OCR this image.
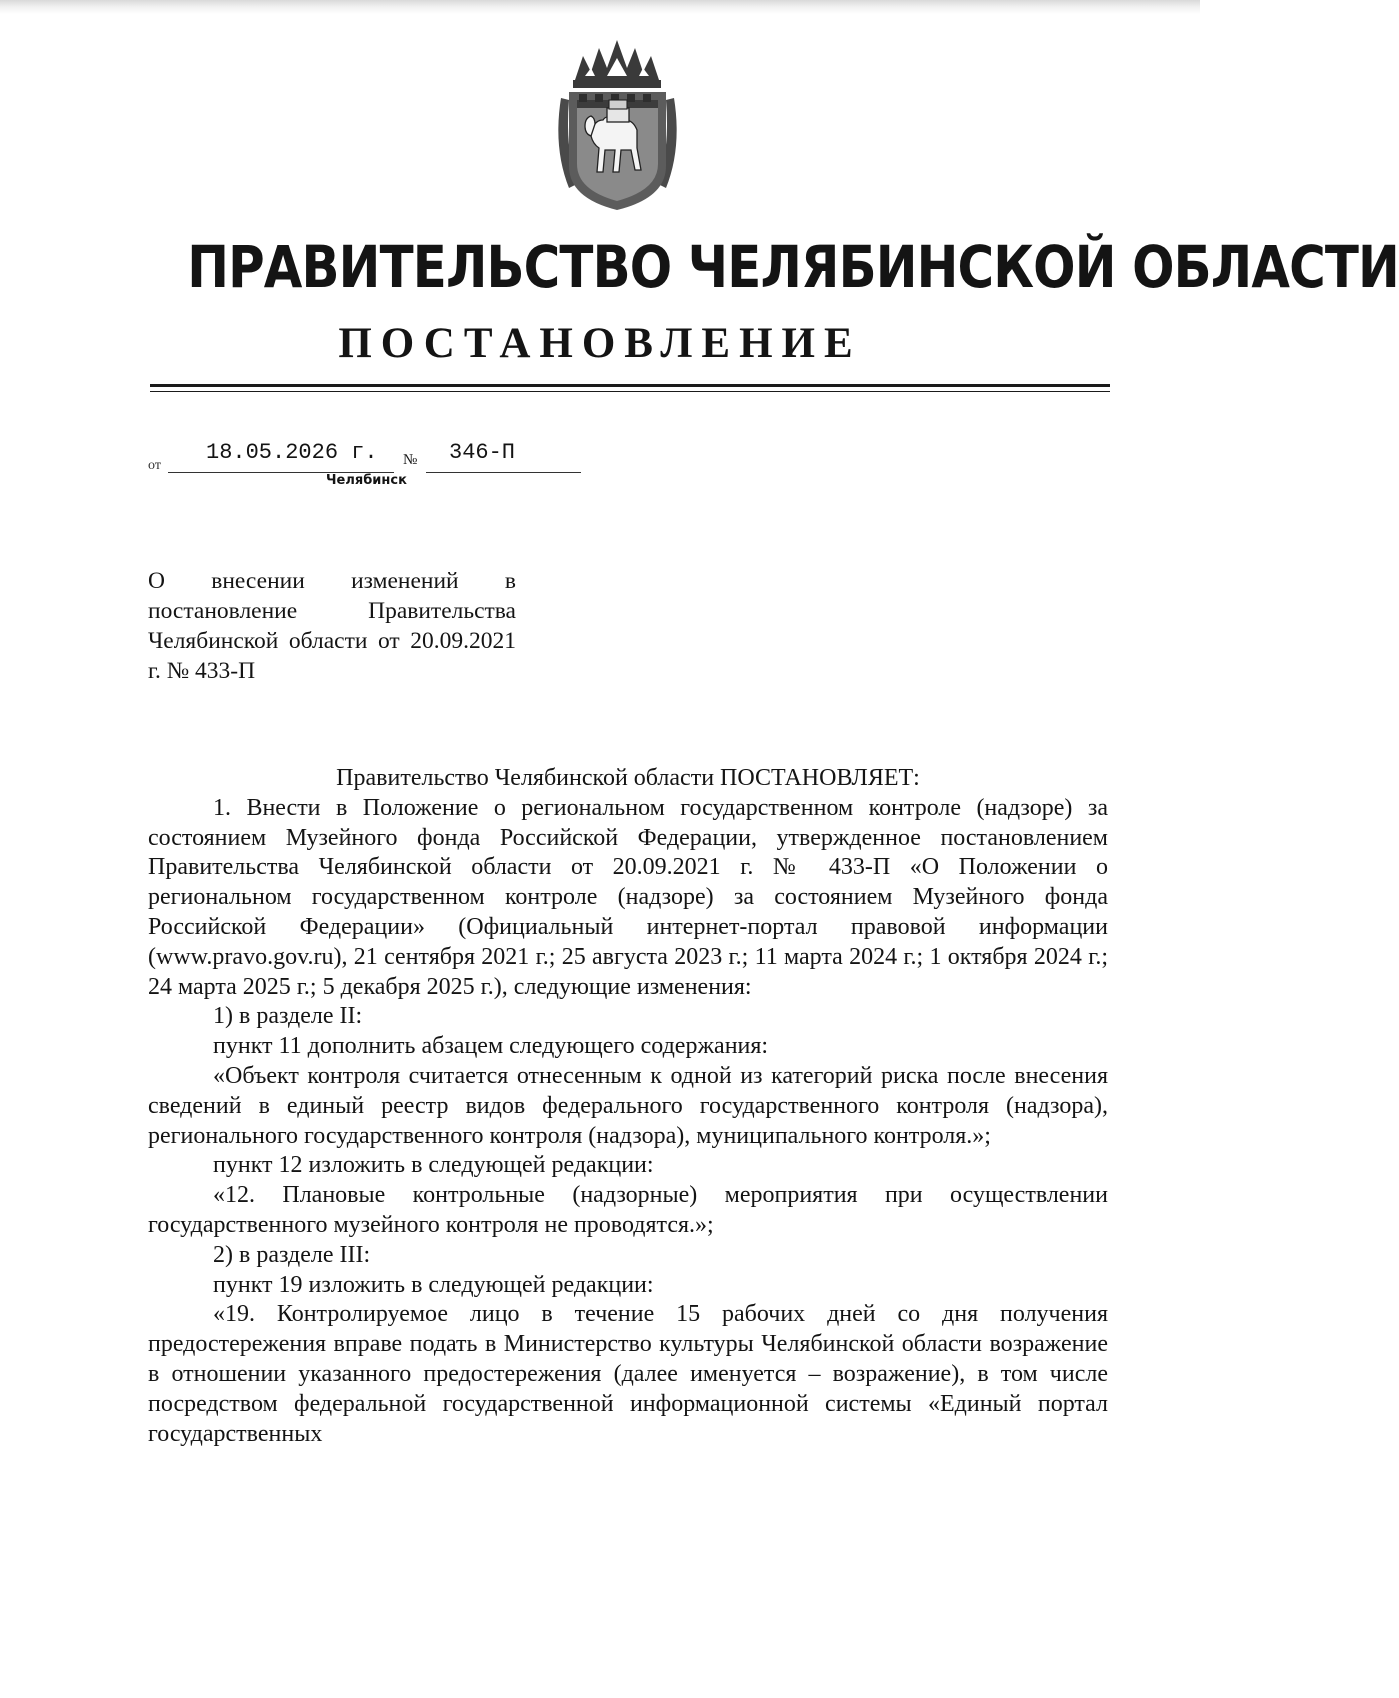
ПРАВИТЕЛЬСТВО ЧЕЛЯБИНСКОЙ ОБЛАСТИ
ПОСТАНОВЛЕНИЕ
от
18.05.2026 г. № 346-П
Челябинск
О внесении изменений в постановление Правительства Челябинской области от 20.09.2021 г. № 433-П

Правительство Челябинской области ПОСТАНОВЛЯЕТ:

1. Внести в Положение о региональном государственном контроле (надзоре) за состоянием Музейного фонда Российской Федерации, утвержденное постановлением Правительства Челябинской области от 20.09.2021 г. № 433-П «О Положении о региональном государственном контроле (надзоре) за состоянием Музейного фонда Российской Федерации» (Официальный интернет-портал правовой информации (www.pravo.gov.ru), 21 сентября 2021 г.; 25 августа 2023 г.; 11 марта 2024 г.; 1 октября 2024 г.; 24 марта 2025 г.; 5 декабря 2025 г.), следующие изменения:

1) в разделе II:

пункт 11 дополнить абзацем следующего содержания:

«Объект контроля считается отнесенным к одной из категорий риска после внесения сведений в единый реестр видов федерального государственного контроля (надзора), регионального государственного контроля (надзора), муниципального контроля.»;

пункт 12 изложить в следующей редакции:

«12. Плановые контрольные (надзорные) мероприятия при осуществлении государственного музейного контроля не проводятся.»;

2) в разделе III:

пункт 19 изложить в следующей редакции:

«19. Контролируемое лицо в течение 15 рабочих дней со дня получения предостережения вправе подать в Министерство культуры Челябинской области возражение в отношении указанного предостережения (далее именуется – возражение), в том числе посредством федеральной государственной информационной системы «Единый портал государственных
